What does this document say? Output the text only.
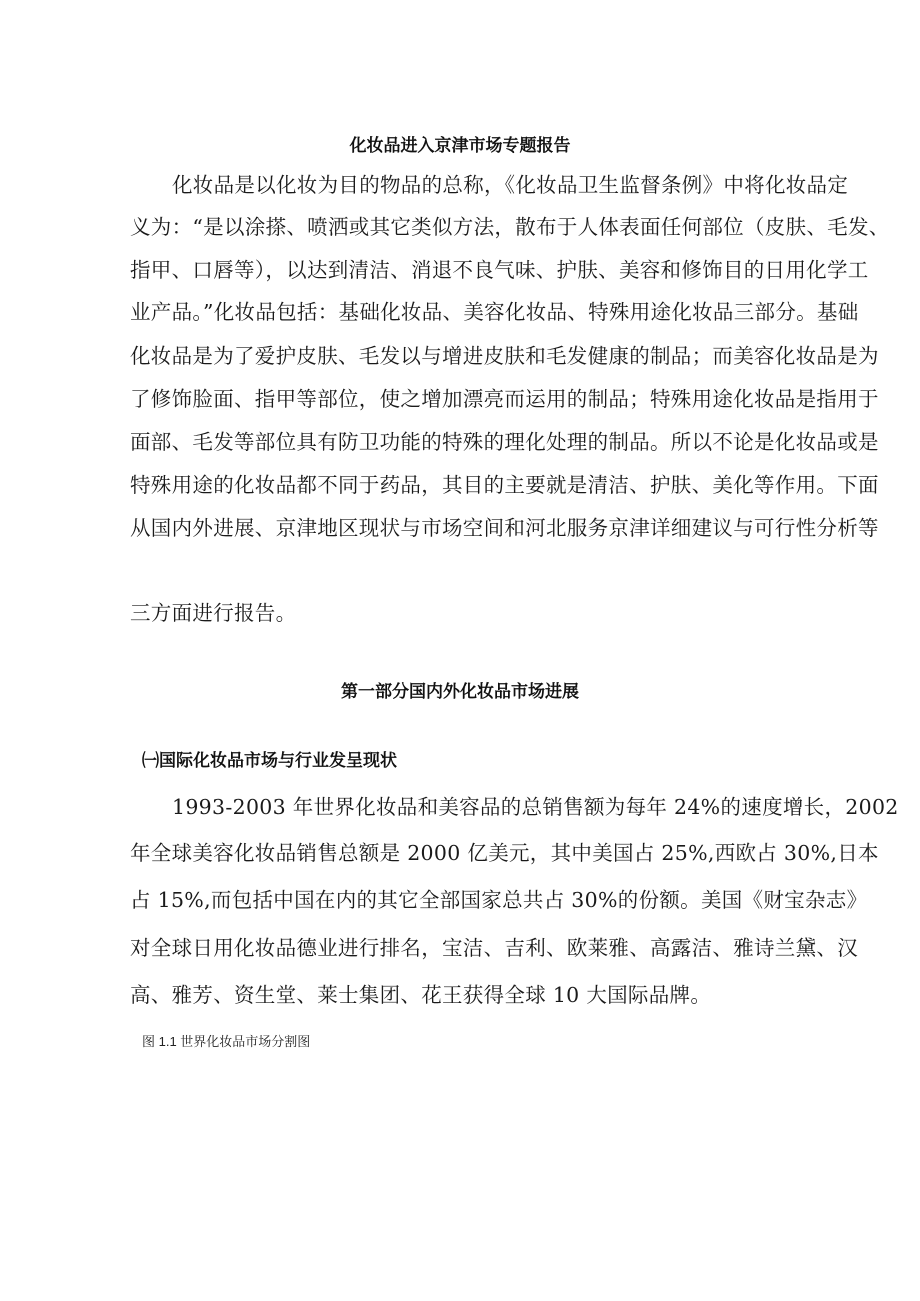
化妆品进入京津市场专题报告
化妆品是以化妆为目的物品的总称，《化妆品卫生监督条例》中将化妆品定
义为：“是以涂搽、喷洒或其它类似方法，散布于人体表面任何部位（皮肤、毛发、
指甲、口唇等），以达到清洁、消退不良气味、护肤、美容和修饰目的日用化学工
业产品。”化妆品包括：基础化妆品、美容化妆品、特殊用途化妆品三部分。基础
化妆品是为了爱护皮肤、毛发以与增进皮肤和毛发健康的制品；而美容化妆品是为
了修饰脸面、指甲等部位，使之增加漂亮而运用的制品；特殊用途化妆品是指用于
面部、毛发等部位具有防卫功能的特殊的理化处理的制品。所以不论是化妆品或是
特殊用途的化妆品都不同于药品，其目的主要就是清洁、护肤、美化等作用。下面
从国内外进展、京津地区现状与市场空间和河北服务京津详细建议与可行性分析等
三方面进行报告。
第一部分国内外化妆品市场进展
㈠国际化妆品市场与行业发呈现状
1993-2003 年世界化妆品和美容品的总销售额为每年 24%的速度增长，2002
年全球美容化妆品销售总额是 2000 亿美元，其中美国占 25%,西欧占 30%,日本
占 15%,而包括中国在内的其它全部国家总共占 30%的份额。美国《财宝杂志》
对全球日用化妆品德业进行排名，宝洁、吉利、欧莱雅、高露洁、雅诗兰黛、汉
高、雅芳、资生堂、莱士集团、花王获得全球 10 大国际品牌。
图 1.1 世界化妆品市场分割图
